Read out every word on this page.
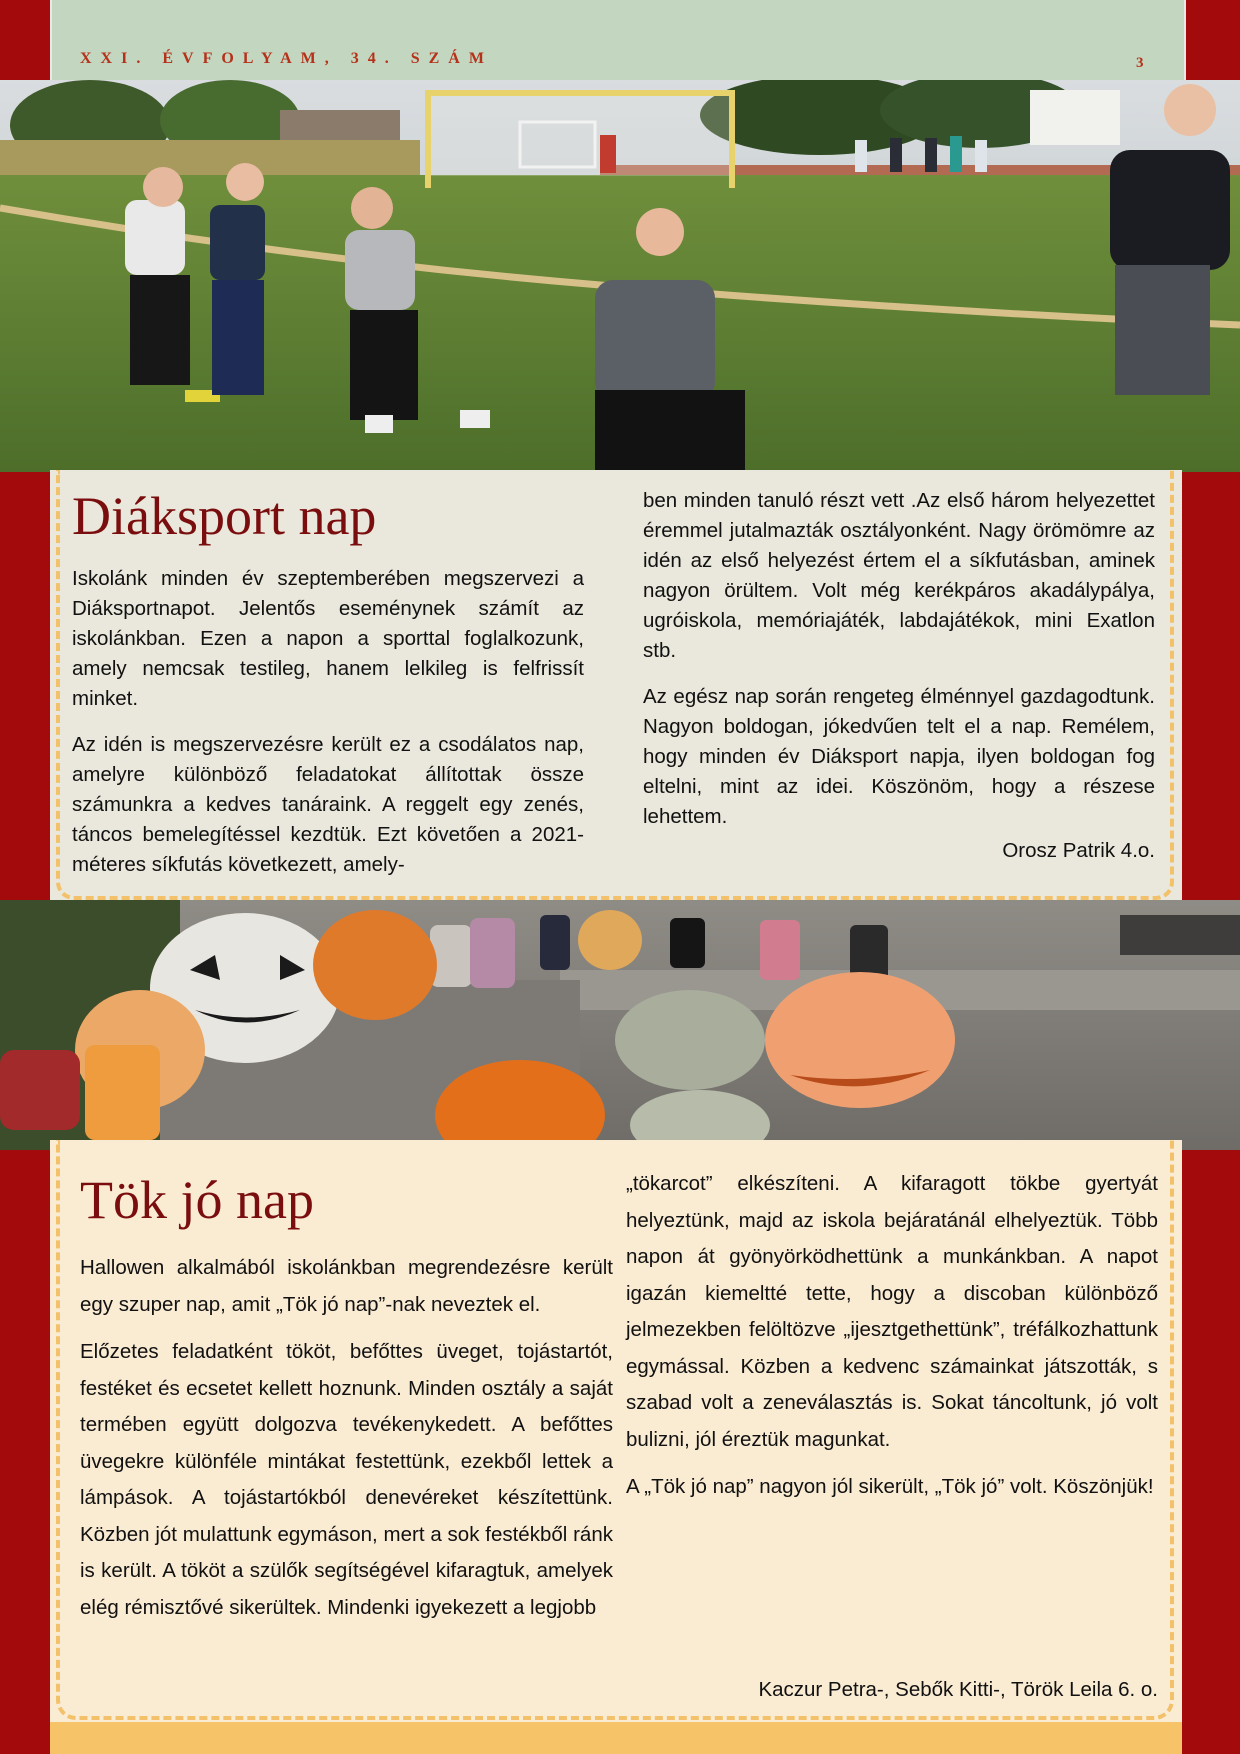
XXI. ÉVFOLYAM, 34. SZÁM	3
Diáksport nap

Iskolánk minden év szeptemberében megszervezi a Diáksportnapot. Jelentős eseménynek számít az iskolánkban. Ezen a napon a sporttal foglalkozunk, amely nemcsak testileg, hanem lelkileg is felfrissít minket.

Az idén is megszervezésre került ez a csodálatos nap, amelyre különböző feladatokat állítottak össze számunkra a kedves tanáraink. A reggelt egy zenés, táncos bemelegítéssel kezdtük. Ezt követően a 2021- méteres síkfutás következett, amely-

ben minden tanuló részt vett .Az első három helyezettet éremmel jutalmazták osztályonként. Nagy örömömre az idén az első helyezést értem el a síkfutásban, aminek nagyon örültem. Volt még kerékpáros akadálypálya, ugróiskola, memóriajáték, labdajátékok, mini Exatlon stb.

Az egész nap során rengeteg élménnyel gazdagodtunk. Nagyon boldogan, jókedvűen telt el a nap. Remélem, hogy minden év Diáksport napja, ilyen boldogan fog eltelni, mint az idei. Köszönöm, hogy a részese lehettem.

Orosz Patrik 4.o.
Tök jó nap

Hallowen alkalmából iskolánkban megrendezésre került egy szuper nap, amit „Tök jó nap”-nak neveztek el.

Előzetes feladatként tököt, befőttes üveget, tojástartót, festéket és ecsetet kellett hoznunk. Minden osztály a saját termében együtt dolgozva tevékenykedett. A befőttes üvegekre különféle mintákat festettünk, ezekből lettek a lámpások. A tojástartókból denevéreket készítettünk. Közben jót mulattunk egymáson, mert a sok festékből ránk is került. A tököt a szülők segítségével kifaragtuk, amelyek elég rémisztővé sikerültek. Mindenki igyekezett a legjobb

„tökarcot” elkészíteni. A kifaragott tökbe gyertyát helyeztünk, majd az iskola bejáratánál elhelyeztük. Több napon át gyönyörködhettünk a munkánkban. A napot igazán kiemeltté tette, hogy a discoban különböző jelmezekben felöltözve „ijesztgethettünk”, tréfálkozhattunk egymással. Közben a kedvenc számainkat játszották, s szabad volt a zeneválasztás is. Sokat táncoltunk, jó volt bulizni, jól éreztük magunkat.

A „Tök jó nap” nagyon jól sikerült, „Tök jó” volt. Köszönjük!

Kaczur Petra-, Sebők Kitti-, Török Leila 6. o.
